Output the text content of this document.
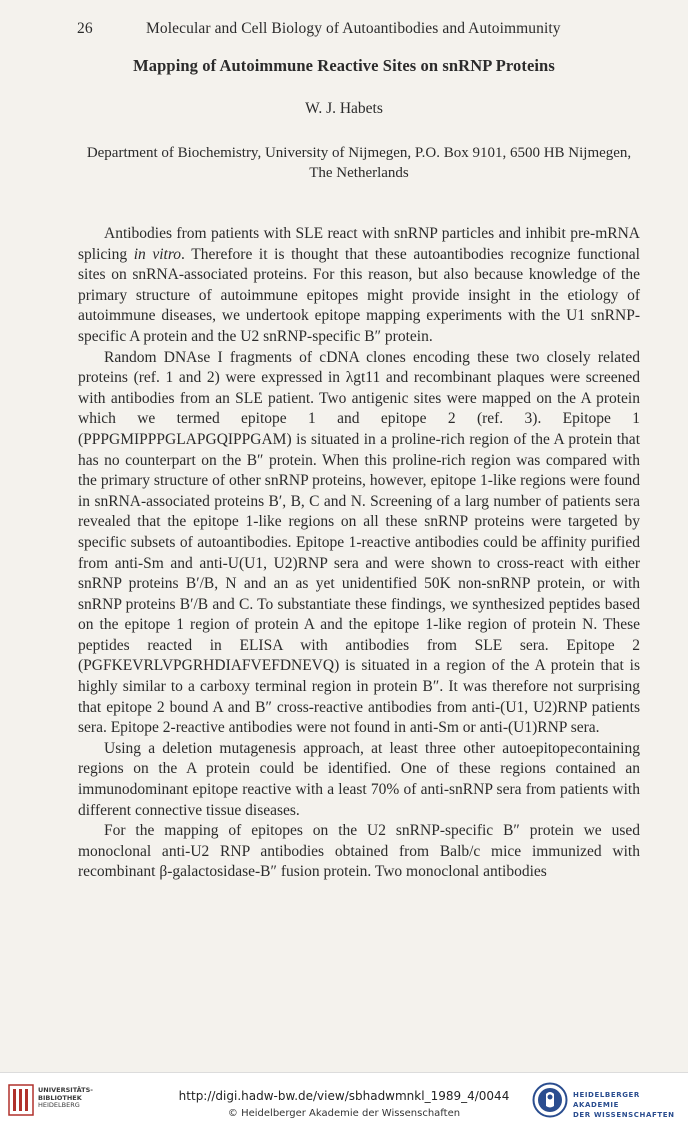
26	Molecular and Cell Biology of Autoantibodies and Autoimmunity
Mapping of Autoimmune Reactive Sites on snRNP Proteins
W. J. Habets
Department of Biochemistry, University of Nijmegen, P.O. Box 9101, 6500 HB Nijmegen,
The Netherlands

Antibodies from patients with SLE react with snRNP particles and inhibit pre-mRNA splicing in vitro. Therefore it is thought that these autoantibodies recognize functional sites on snRNA-associated proteins. For this reason, but also because knowledge of the primary structure of autoimmune epitopes might provide insight in the etiology of autoimmune diseases, we undertook epitope mapping experiments with the U1 snRNP-specific A protein and the U2 snRNP-specific B″ protein.

Random DNAse I fragments of cDNA clones encoding these two closely related proteins (ref. 1 and 2) were expressed in λgt11 and recombinant plaques were screened with antibodies from an SLE patient. Two antigenic sites were mapped on the A protein which we termed epitope 1 and epitope 2 (ref. 3). Epitope 1 (PPPGMIPPPGLAPGQIPPGAM) is situated in a proline-rich region of the A protein that has no counterpart on the B″ protein. When this proline-rich region was compared with the primary structure of other snRNP proteins, however, epitope 1-like regions were found in snRNA-associated proteins B′, B, C and N. Screening of a larg number of patients sera revealed that the epitope 1-like regions on all these snRNP proteins were targeted by specific subsets of autoantibodies. Epitope 1-reactive antibodies could be affinity purified from anti-Sm and anti-U(U1, U2)RNP sera and were shown to cross-react with either snRNP proteins B′/B, N and an as yet unidentified 50K non-snRNP protein, or with snRNP proteins B′/B and C. To substantiate these findings, we synthesized peptides based on the epitope 1 region of protein A and the epitope 1-like region of protein N. These peptides reacted in ELISA with antibodies from SLE sera. Epitope 2 (PGFKEVRLVPGRHDIAFVEFDNEVQ) is situated in a region of the A protein that is highly similar to a carboxy terminal region in protein B″. It was therefore not surprising that epitope 2 bound A and B″ cross-reactive antibodies from anti-(U1, U2)RNP patients sera. Epitope 2-reactive antibodies were not found in anti-Sm or anti-(U1)RNP sera.

Using a deletion mutagenesis approach, at least three other autoepitopecontaining regions on the A protein could be identified. One of these regions contained an immunodominant epitope reactive with a least 70% of anti-snRNP sera from patients with different connective tissue diseases.

For the mapping of epitopes on the U2 snRNP-specific B″ protein we used monoclonal anti-U2 RNP antibodies obtained from Balb/c mice immunized with recombinant β-galactosidase-B″ fusion protein. Two monoclonal antibodies

UNIVERSITÄTS-
BIBLIOTHEK
HEIDELBERG
http://digi.hadw-bw.de/view/sbhadwmnkl_1989_4/0044
© Heidelberger Akademie der Wissenschaften
HEIDELBERGER AKADEMIE
DER WISSENSCHAFTEN
